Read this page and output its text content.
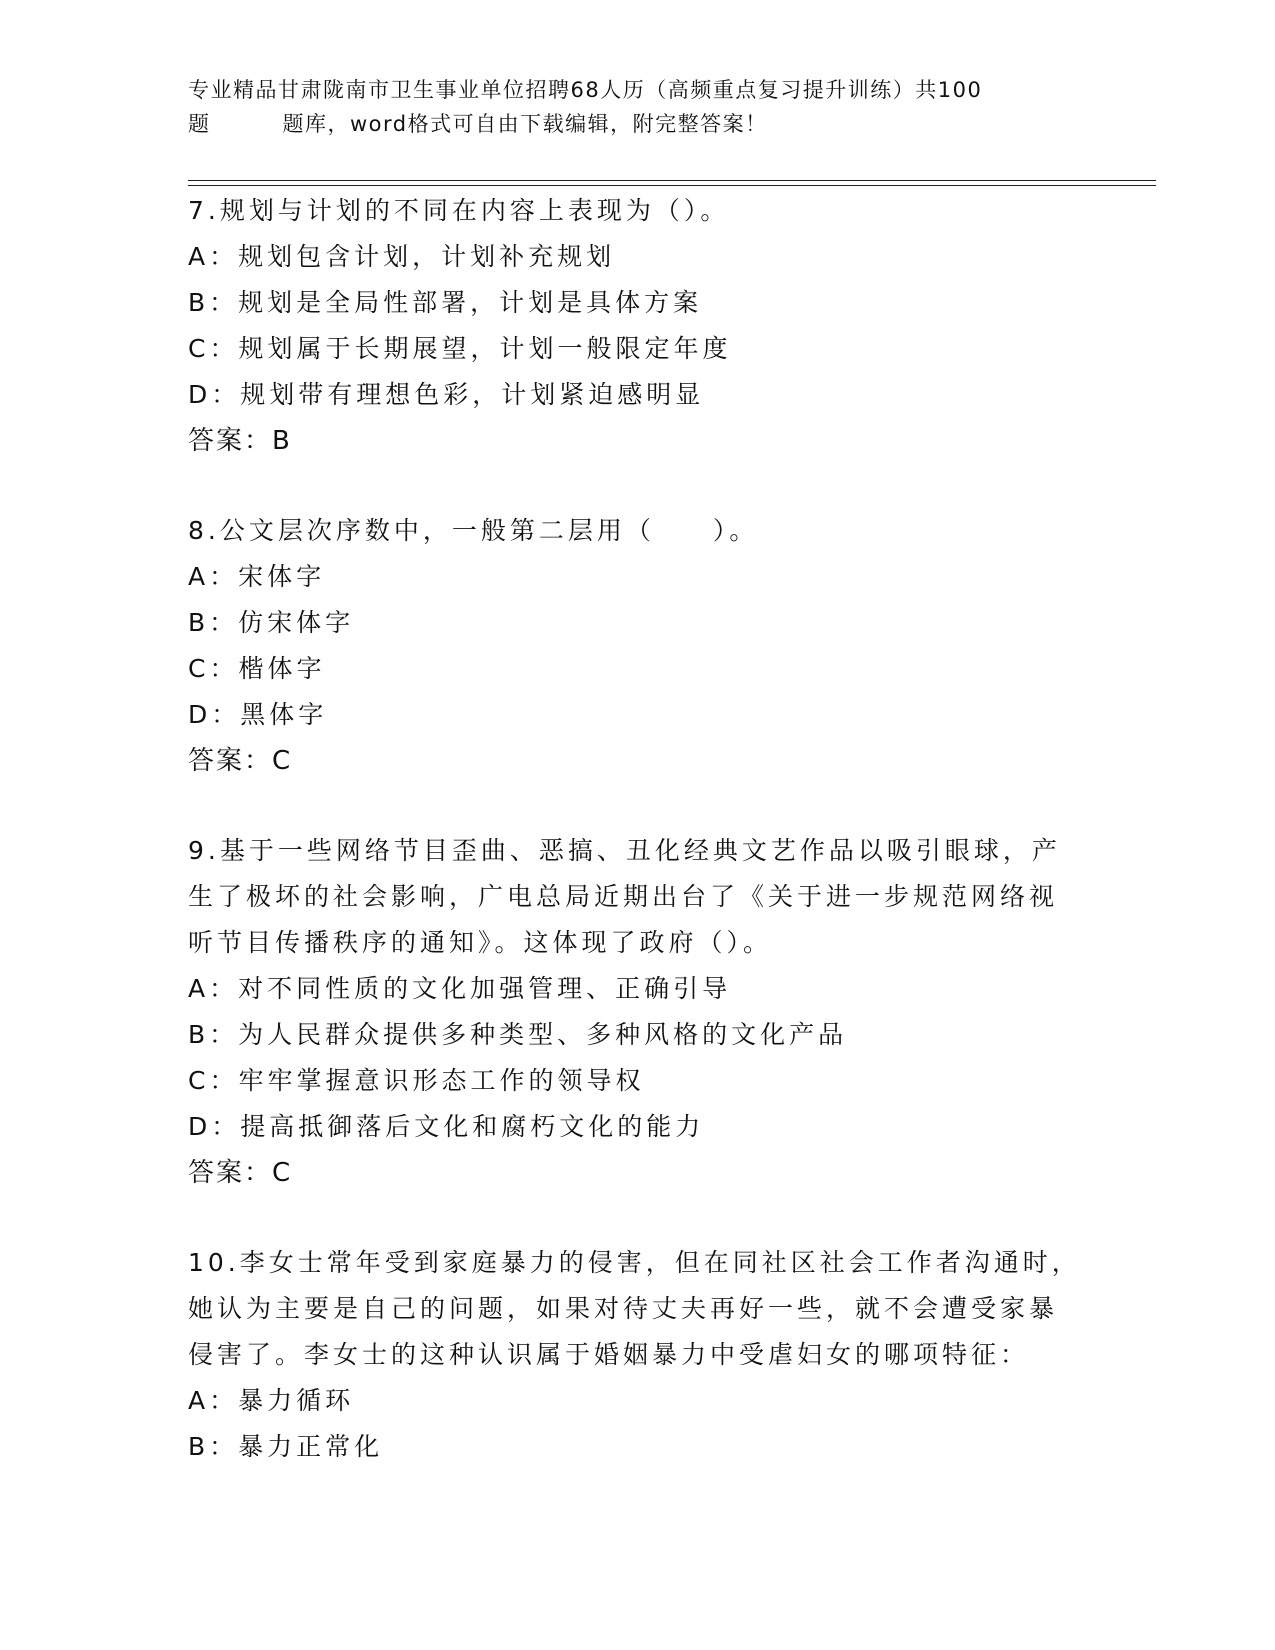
专业精品甘肃陇南市卫生事业单位招聘68人历（高频重点复习提升训练）共100
题	题库，word格式可自由下载编辑，附完整答案！
7.规划与计划的不同在内容上表现为（）。
A：规划包含计划，计划补充规划
B：规划是全局性部署，计划是具体方案
C：规划属于长期展望，计划一般限定年度
D：规划带有理想色彩，计划紧迫感明显
答案：B
8.公文层次序数中，一般第二层用（　　）。
A：宋体字
B：仿宋体字
C：楷体字
D：黑体字
答案：C
9.基于一些网络节目歪曲、恶搞、丑化经典文艺作品以吸引眼球，产
生了极坏的社会影响，广电总局近期出台了《关于进一步规范网络视
听节目传播秩序的通知》。这体现了政府（）。
A：对不同性质的文化加强管理、正确引导
B：为人民群众提供多种类型、多种风格的文化产品
C：牢牢掌握意识形态工作的领导权
D：提高抵御落后文化和腐朽文化的能力
答案：C
10.李女士常年受到家庭暴力的侵害，但在同社区社会工作者沟通时，
她认为主要是自己的问题，如果对待丈夫再好一些，就不会遭受家暴
侵害了。李女士的这种认识属于婚姻暴力中受虐妇女的哪项特征：
A：暴力循环
B：暴力正常化
